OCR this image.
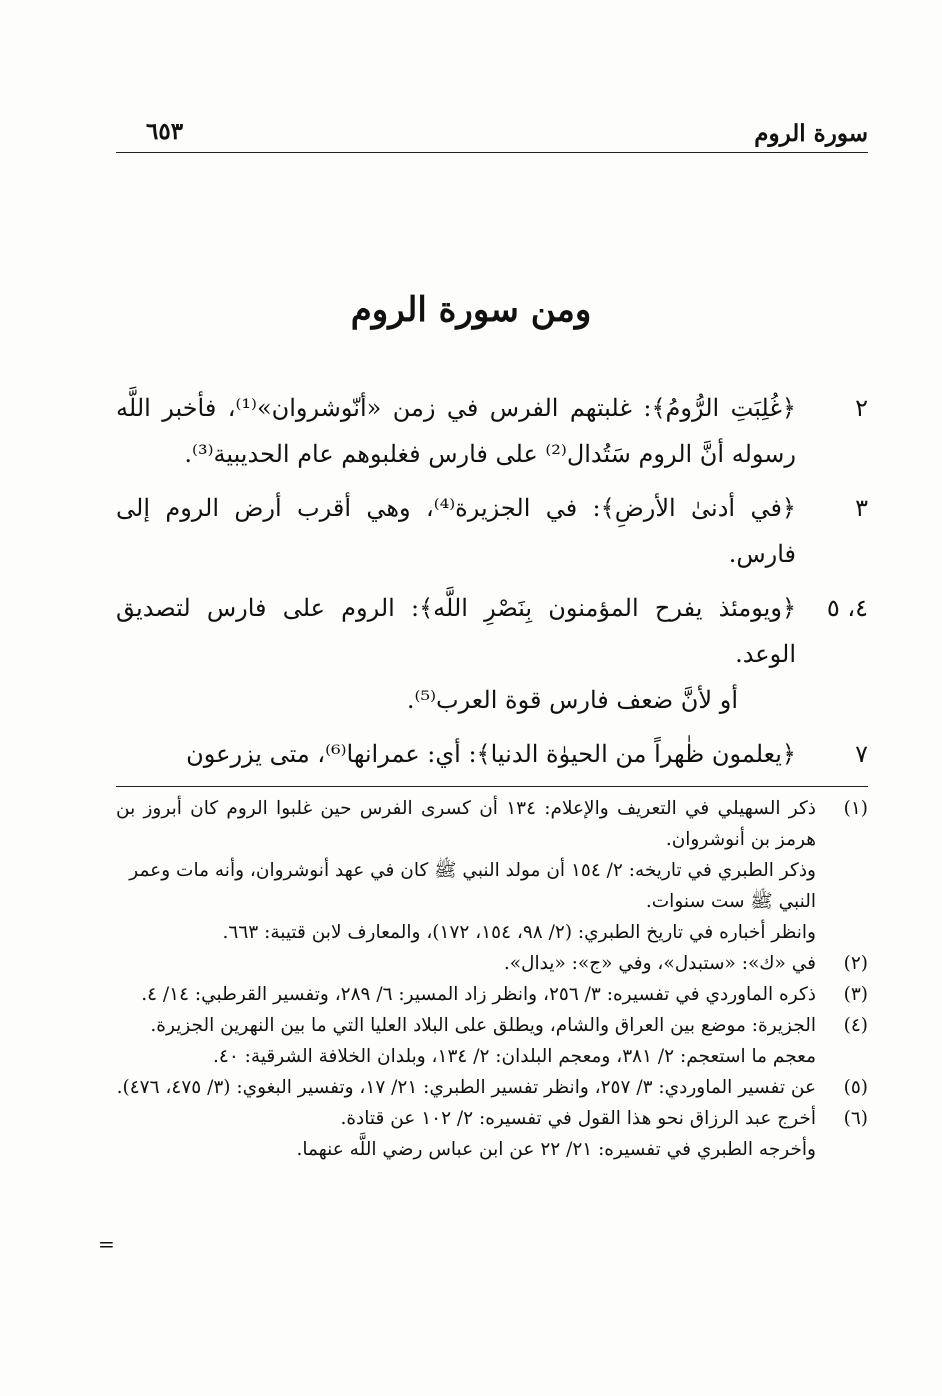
سورة الروم
٦٥٣
ومن سورة الروم
٢
﴿غُلِبَتِ الرُّومُ﴾: غلبتهم الفرس في زمن «أنّوشروان»⁽¹⁾، فأخبر اللَّه رسوله أنَّ الروم سَتُدال⁽²⁾ على فارس فغلبوهم عام الحديبية⁽³⁾.
٣
﴿في أدنىٰ الأرضِ﴾: في الجزيرة⁽⁴⁾، وهي أقرب أرض الروم إلى فارس.
٤، ٥
﴿ويومئذ يفرح المؤمنون بِنَصْرِ اللَّه﴾: الروم على فارس لتصديق الوعد.
أو لأنَّ ضعف فارس قوة العرب⁽⁵⁾.
٧
﴿يعلمون ظٰهراً من الحيوٰة الدنيا﴾: أي: عمرانها⁽⁶⁾، متى يزرعون
(١)
ذكر السهيلي في التعريف والإعلام: ١٣٤ أن كسرى الفرس حين غلبوا الروم كان أبروز بن هرمز بن أنوشروان.
وذكر الطبري في تاريخه: ٢/ ١٥٤ أن مولد النبي ﷺ كان في عهد أنوشروان، وأنه مات وعمر النبي ﷺ ست سنوات.
وانظر أخباره في تاريخ الطبري: (٢/ ٩٨، ١٥٤، ١٧٢)، والمعارف لابن قتيبة: ٦٦٣.
(٢)
في «ك»: «ستبدل»، وفي «ج»: «يدال».
(٣)
ذكره الماوردي في تفسيره: ٣/ ٢٥٦، وانظر زاد المسير: ٦/ ٢٨٩، وتفسير القرطبي: ١٤/ ٤.
(٤)
الجزيرة: موضع بين العراق والشام، ويطلق على البلاد العليا التي ما بين النهرين الجزيرة.
معجم ما استعجم: ٢/ ٣٨١، ومعجم البلدان: ٢/ ١٣٤، وبلدان الخلافة الشرقية: ٤٠.
(٥)
عن تفسير الماوردي: ٣/ ٢٥٧، وانظر تفسير الطبري: ٢١/ ١٧، وتفسير البغوي: (٣/ ٤٧٥، ٤٧٦).
(٦)
أخرج عبد الرزاق نحو هذا القول في تفسيره: ٢/ ١٠٢ عن قتادة.
وأخرجه الطبري في تفسيره: ٢١/ ٢٢ عن ابن عباس رضي اللَّه عنهما.
=
